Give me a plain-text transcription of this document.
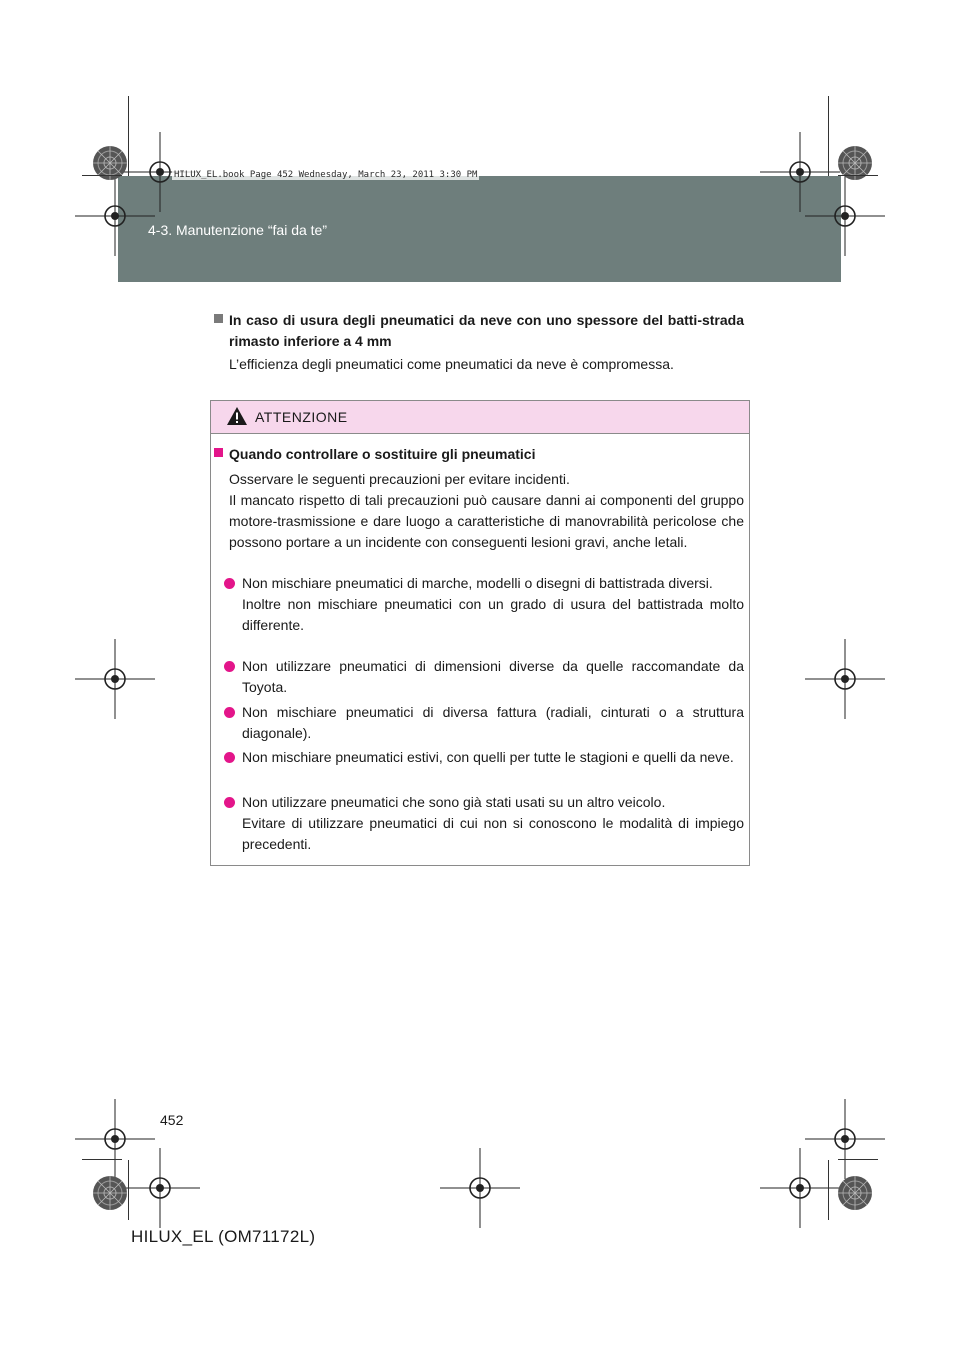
4-3. Manutenzione “fai da te”
HILUX_EL.book Page 452 Wednesday, March 23, 2011 3:30 PM
In caso di usura degli pneumatici da neve con uno spessore del batti-strada rimasto inferiore a 4 mm
L’efficienza degli pneumatici come pneumatici da neve è compromessa.
ATTENZIONE
Quando controllare o sostituire gli pneumatici

Osservare le seguenti precauzioni per evitare incidenti.

Il mancato rispetto di tali precauzioni può causare danni ai componenti del gruppo motore-trasmissione e dare luogo a caratteristiche di manovrabilità pericolose che possono portare a un incidente con conseguenti lesioni gravi, anche letali.

Non mischiare pneumatici di marche, modelli o disegni di battistrada diversi.

Inoltre non mischiare pneumatici con un grado di usura del battistrada molto differente.

Non utilizzare pneumatici di dimensioni diverse da quelle raccomandate da Toyota.

Non mischiare pneumatici di diversa fattura (radiali, cinturati o a struttura diagonale).

Non mischiare pneumatici estivi, con quelli per tutte le stagioni e quelli da neve.

Non utilizzare pneumatici che sono già stati usati su un altro veicolo.

Evitare di utilizzare pneumatici di cui non si conoscono le modalità di impiego precedenti.

452
HILUX_EL (OM71172L)
